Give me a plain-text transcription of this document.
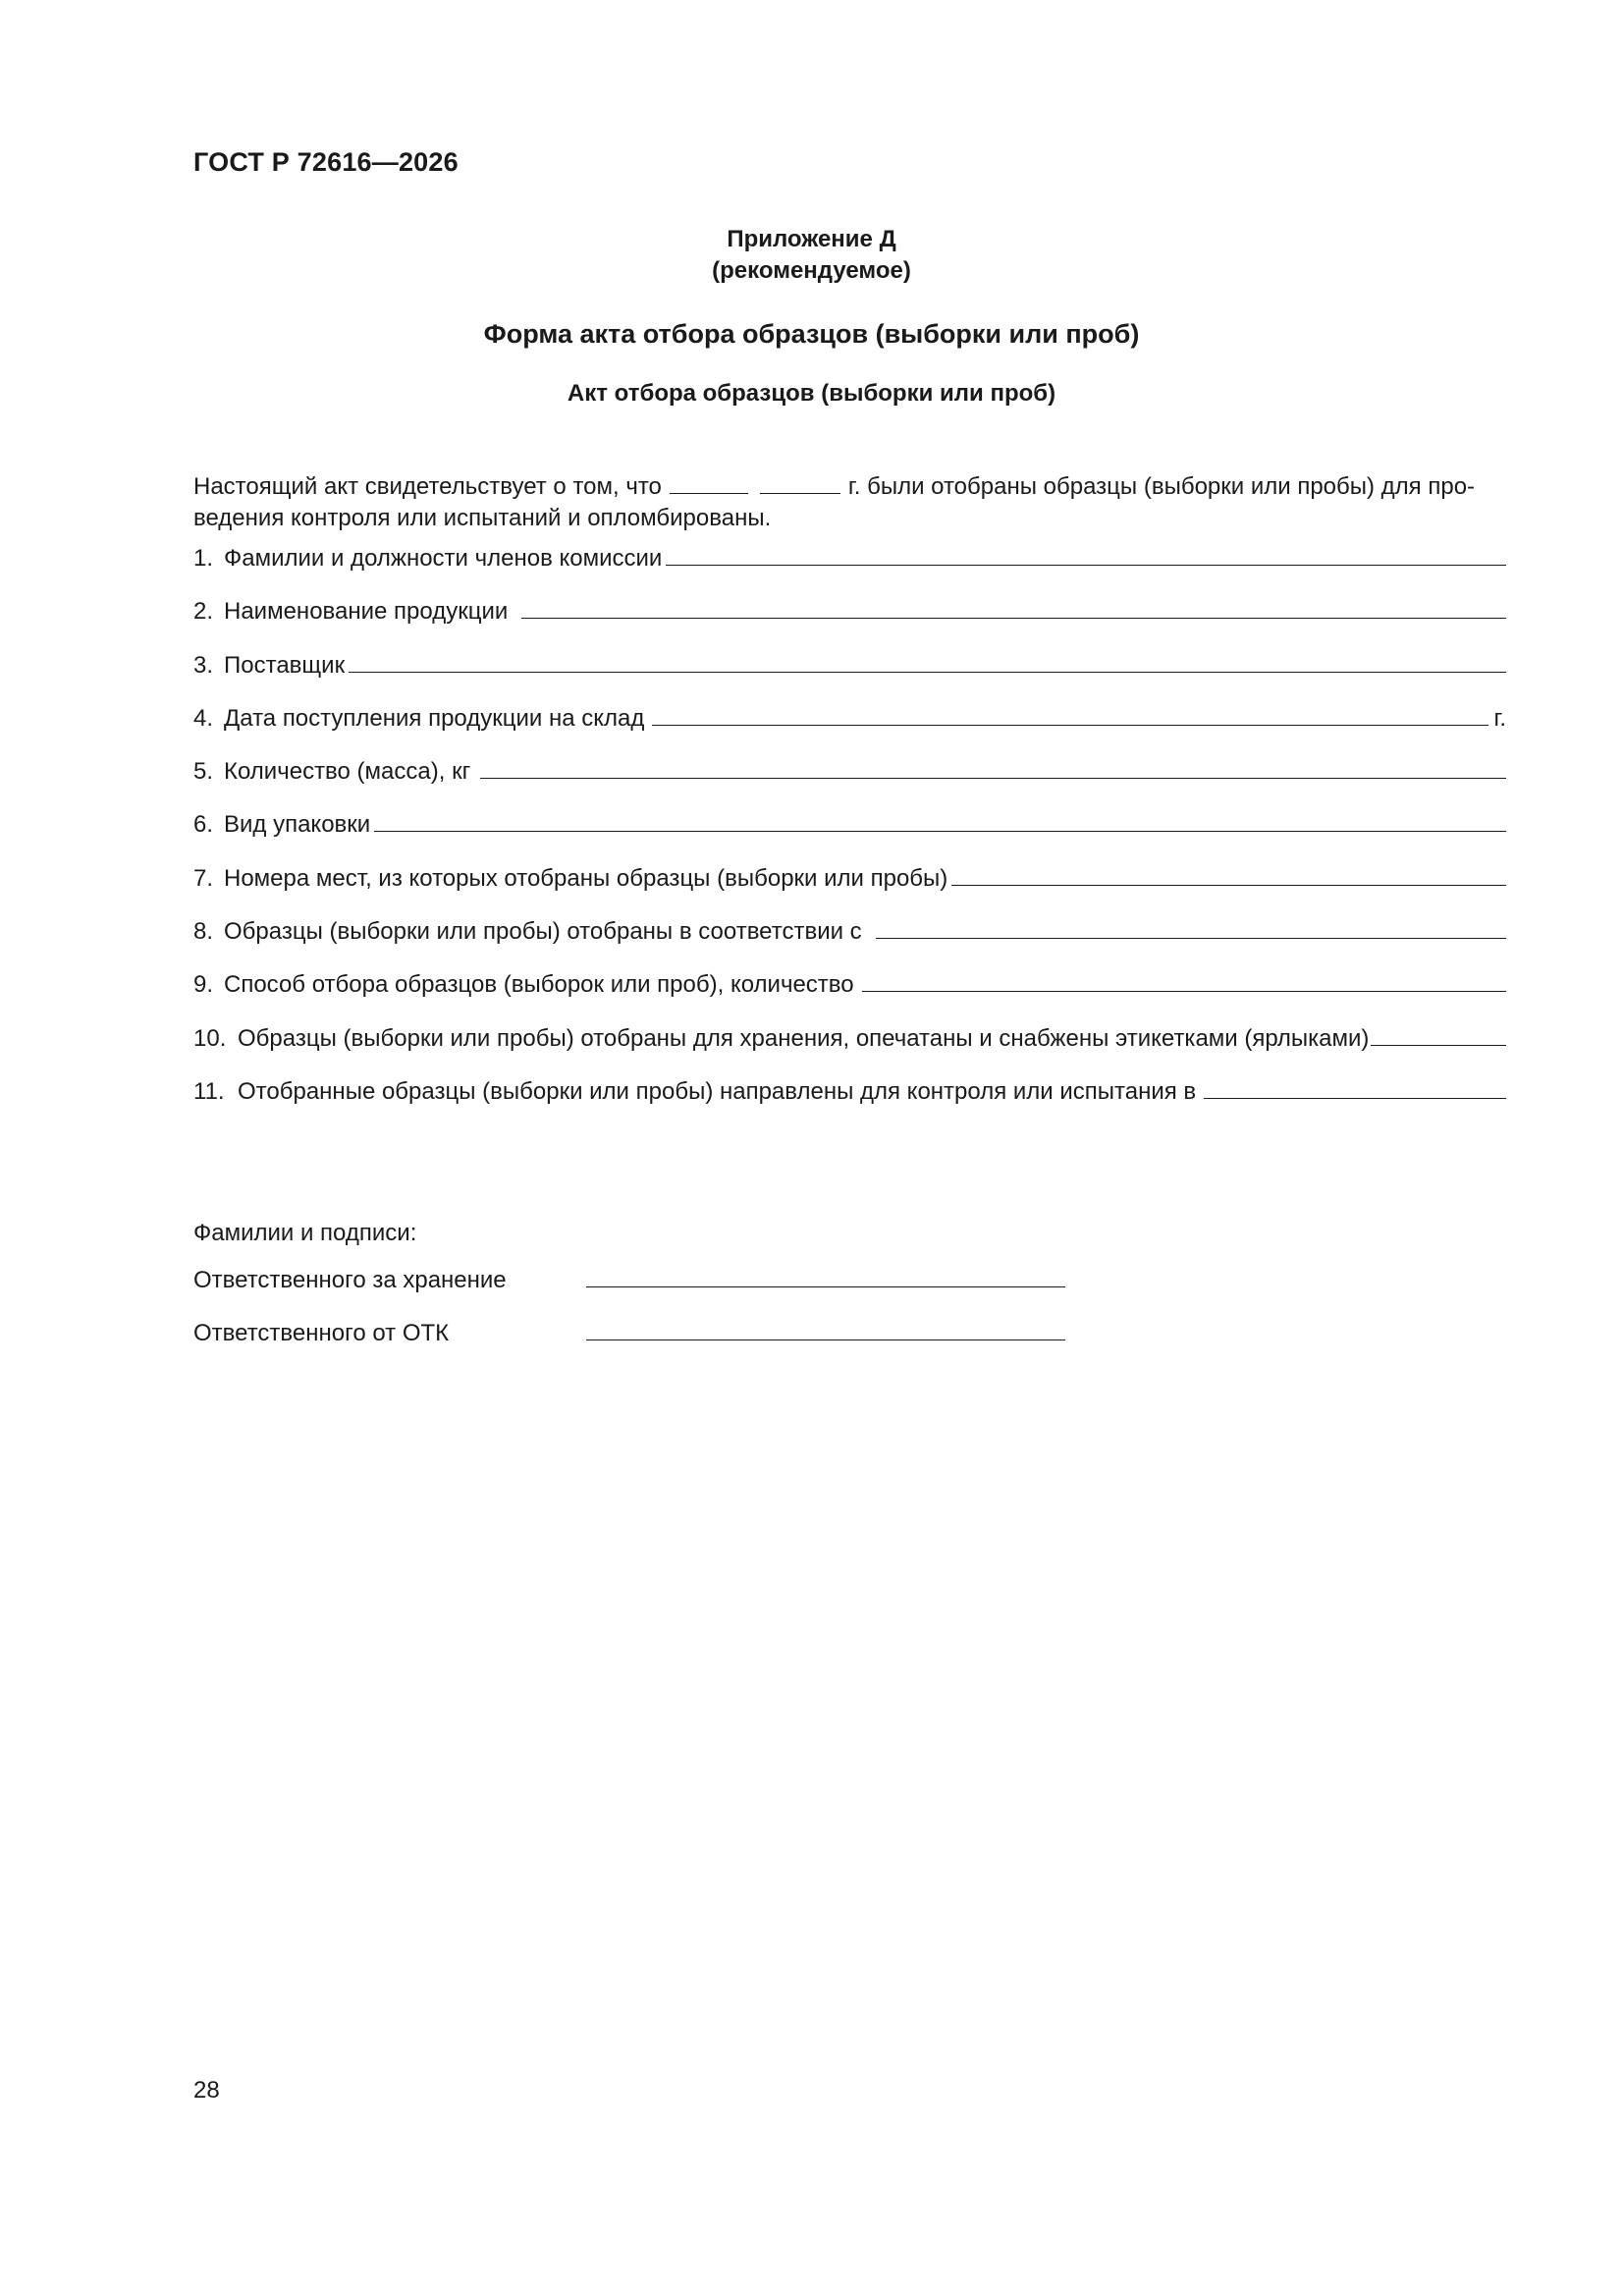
ГОСТ Р 72616—2026
Приложение Д
(рекомендуемое)
Форма акта отбора образцов (выборки или проб)
Акт отбора образцов (выборки или проб)
Настоящий акт свидетельствует о том, что	г. были отобраны образцы (выборки или пробы) для про-
ведения контроля или испытаний и опломбированы.
1. Фамилии и должности членов комиссии
2. Наименование продукции
3. Поставщик
4. Дата поступления продукции на склад	г.
5. Количество (масса), кг
6. Вид упаковки
7. Номера мест, из которых отобраны образцы (выборки или пробы)
8. Образцы (выборки или пробы) отобраны в соответствии с
9. Способ отбора образцов (выборок или проб), количество
10. Образцы (выборки или пробы) отобраны для хранения, опечатаны и снабжены этикетками (ярлыками)
11. Отобранные образцы (выборки или пробы) направлены для контроля или испытания в
Фамилии и подписи:
Ответственного за хранение
Ответственного от ОТК
28
